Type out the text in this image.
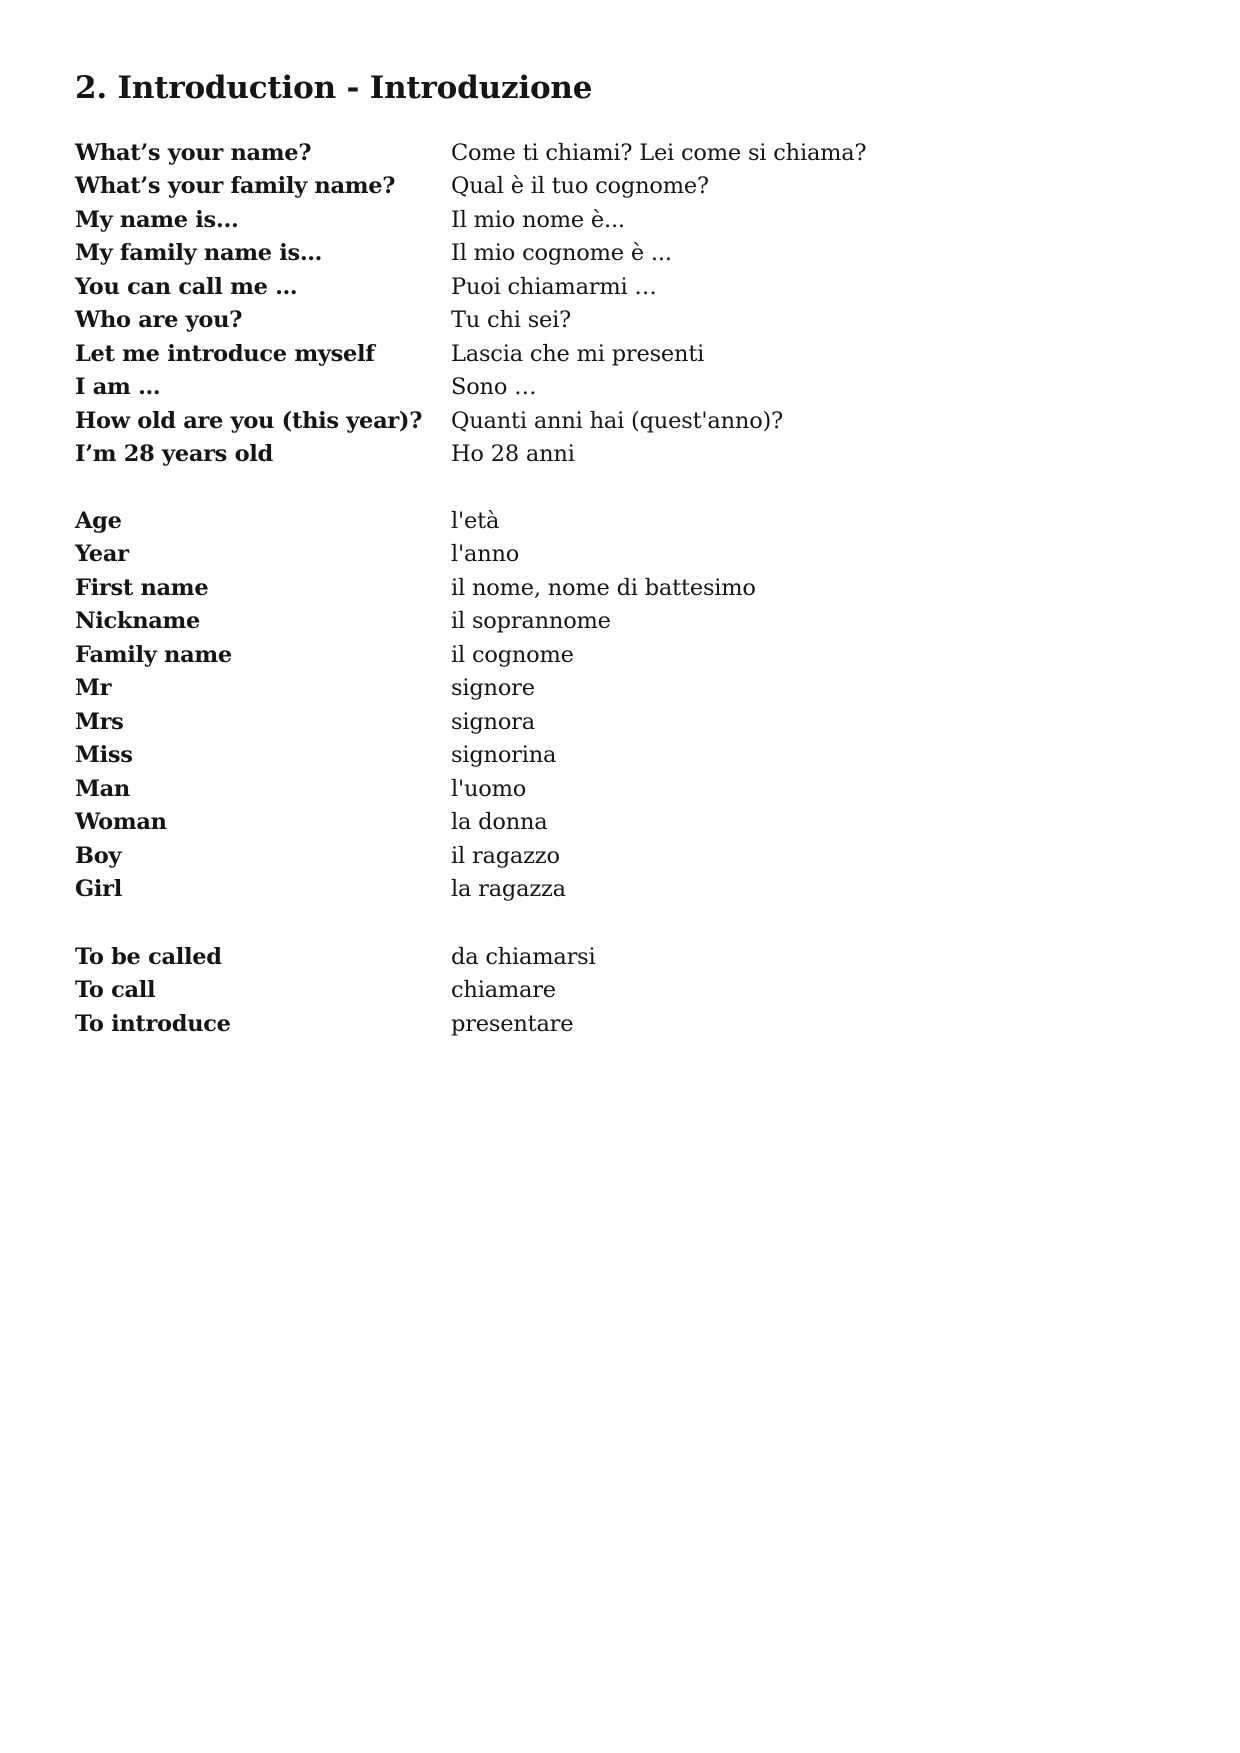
2. Introduction - Introduzione
What’s your name?	Come ti chiami? Lei come si chiama?
What’s your family name?	Qual è il tuo cognome?
My name is...	Il mio nome è...
My family name is…	Il mio cognome è ...
You can call me …	Puoi chiamarmi …
Who are you?	Tu chi sei?
Let me introduce myself	Lascia che mi presenti
I am …	Sono …
How old are you (this year)?	Quanti anni hai (quest'anno)?
I’m 28 years old	Ho 28 anni
Age	l'età
Year	l'anno
First name	il nome, nome di battesimo
Nickname	il soprannome
Family name	il cognome
Mr	signore
Mrs	signora
Miss	signorina
Man	l'uomo
Woman	la donna
Boy	il ragazzo
Girl	la ragazza
To be called	da chiamarsi
To call	chiamare
To introduce	presentare
